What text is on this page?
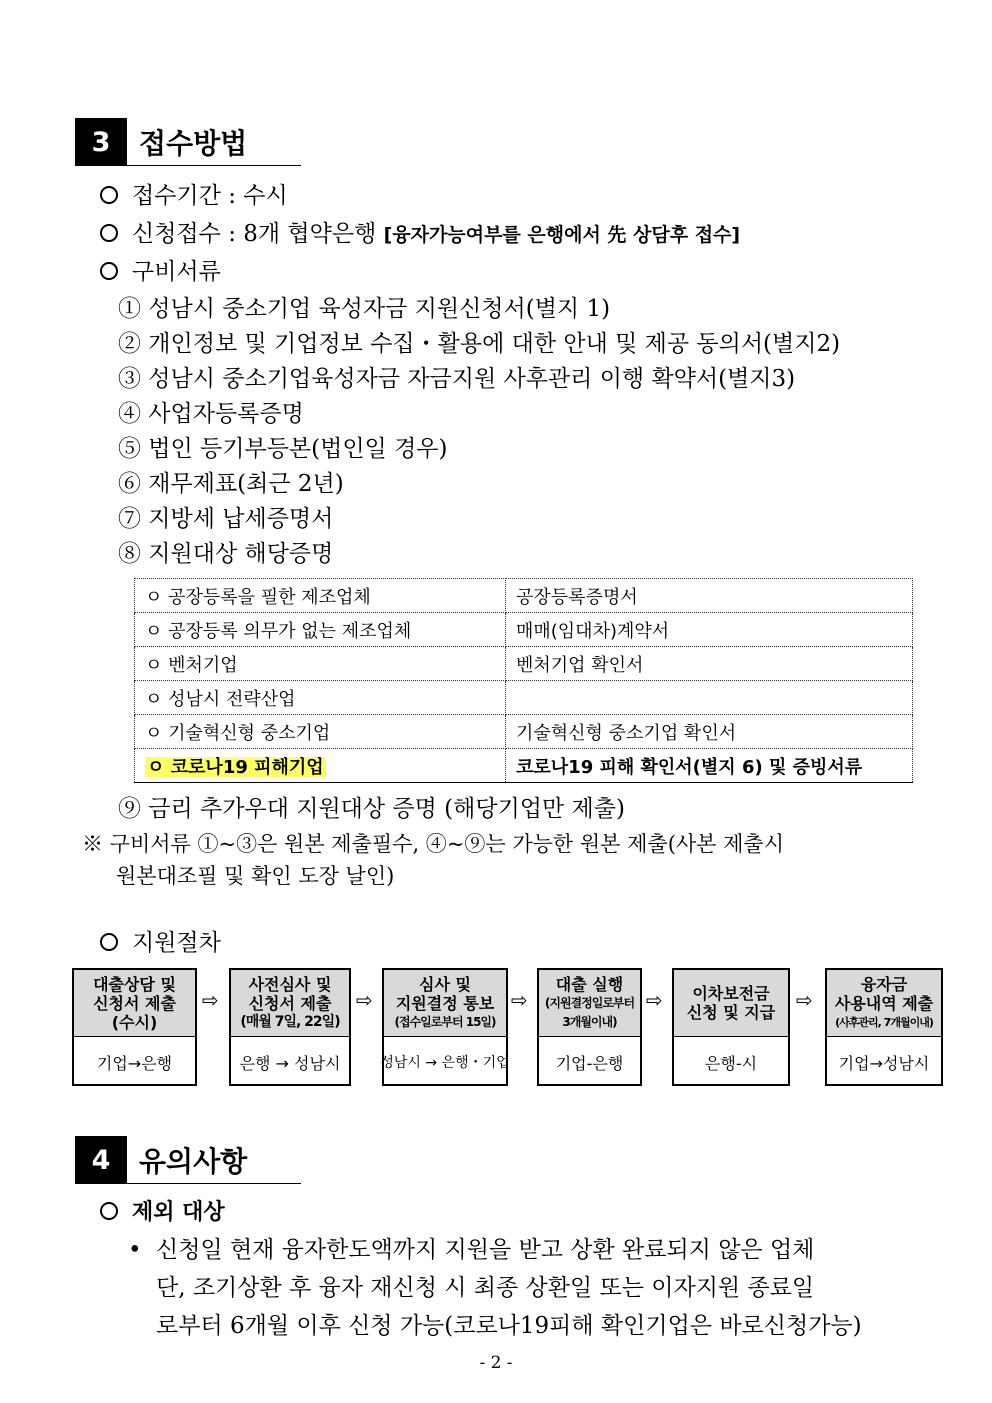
3	접수방법
접수기간 : 수시
신청접수 : 8개 협약은행 [융자가능여부를 은행에서 先 상담후 접수]
구비서류
① 성남시 중소기업 육성자금 지원신청서(별지 1)
② 개인정보 및 기업정보 수집・활용에 대한 안내 및 제공 동의서(별지2)
③ 성남시 중소기업육성자금 자금지원 사후관리 이행 확약서(별지3)
④ 사업자등록증명
⑤ 법인 등기부등본(법인일 경우)
⑥ 재무제표(최근 2년)
⑦ 지방세 납세증명서
⑧ 지원대상 해당증명
ㅇ 공장등록을 필한 제조업체	공장등록증명서
ㅇ 공장등록 의무가 없는 제조업체	매매(임대차)계약서
ㅇ 벤처기업	벤처기업 확인서
ㅇ 성남시 전략산업	
ㅇ 기술혁신형 중소기업	기술혁신형 중소기업 확인서
ㅇ 코로나19 피해기업	코로나19 피해 확인서(별지 6) 및 증빙서류
⑨ 금리 추가우대 지원대상 증명 (해당기업만 제출)
※ 구비서류 ①~③은 원본 제출필수, ④~⑨는 가능한 원본 제출(사본 제출시
원본대조필 및 확인 도장 날인)
지원절차
대출상담 및
신청서 제출
(수시)
기업→은행
⇨
사전심사 및
신청서 제출
(매월 7일, 22일)
은행 → 성남시
⇨
심사 및
지원결정 통보
(접수일로부터 15일)
성남시 → 은행・기업
⇨
대출 실행
(지원결정일로부터
3개월이내)
기업-은행
⇨	이차보전금
신청 및 지급
은행-시
⇨
융자금
사용내역 제출
(사후관리, 7개월이내)
기업→성남시
4	유의사항
제외 대상
• 신청일 현재 융자한도액까지 지원을 받고 상환 완료되지 않은 업체
단, 조기상환 후 융자 재신청 시 최종 상환일 또는 이자지원 종료일
로부터 6개월 이후 신청 가능(코로나19피해 확인기업은 바로신청가능)
- 2 -
